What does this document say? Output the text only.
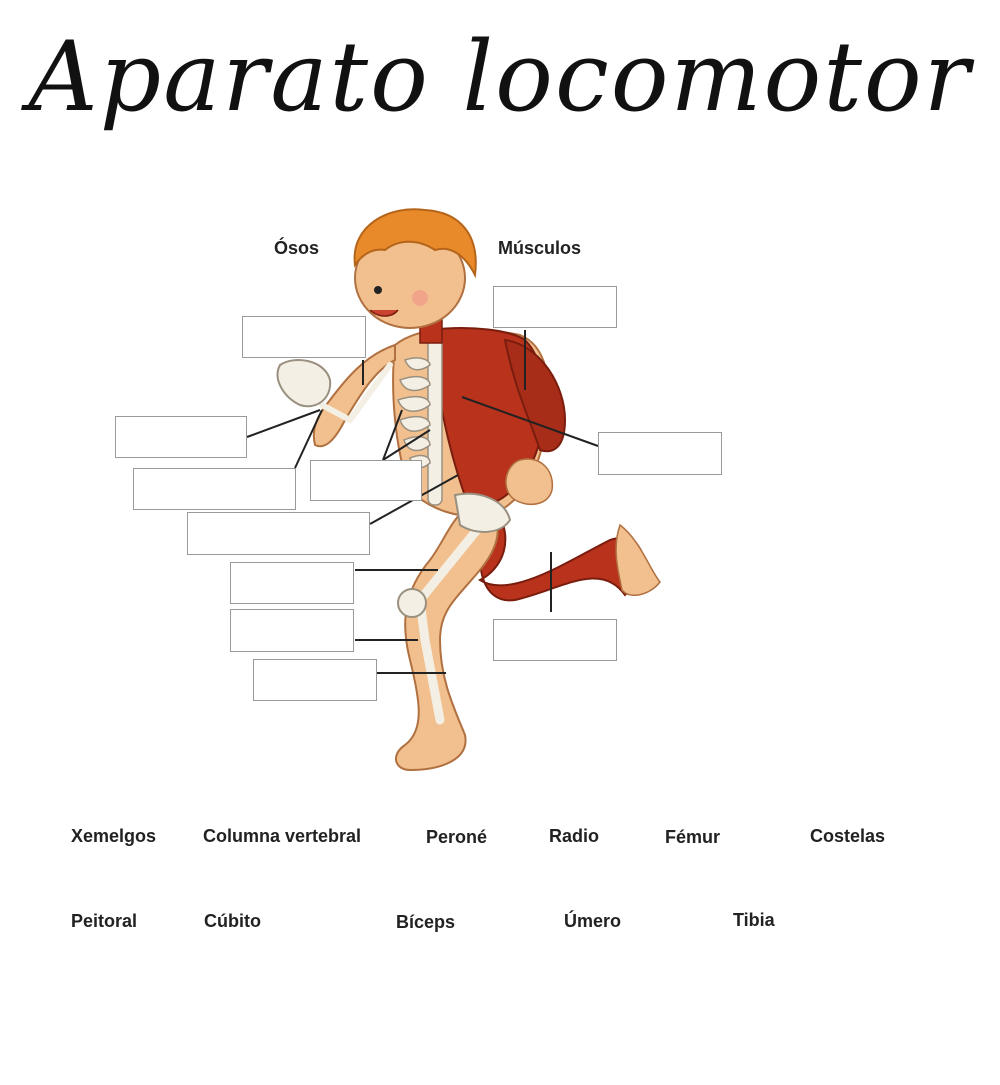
Aparato locomotor
Ósos	Músculos
Xemelgos	Columna vertebral	Peroné	Radio	Fémur	Costelas
Peitoral	Cúbito	Bíceps	Úmero	Tibia
